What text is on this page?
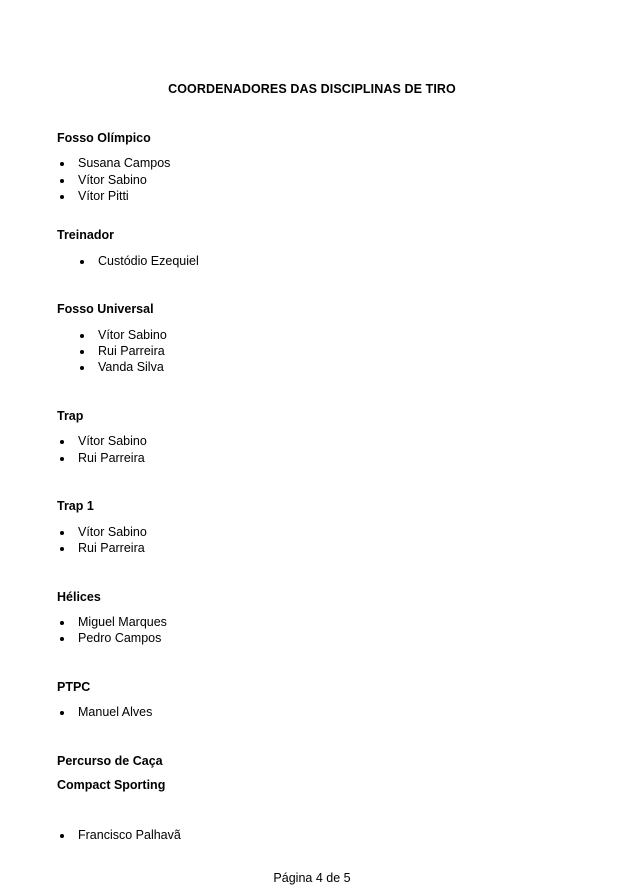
COORDENADORES DAS DISCIPLINAS DE TIRO
Fosso Olímpico
Susana Campos
Vítor Sabino
Vítor Pitti
Treinador
Custódio Ezequiel
Fosso Universal
Vítor Sabino
Rui Parreira
Vanda Silva
Trap
Vítor Sabino
Rui Parreira
Trap 1
Vítor Sabino
Rui Parreira
Hélices
Miguel Marques
Pedro Campos
PTPC
Manuel Alves
Percurso de Caça
Compact Sporting
Francisco Palhavã
Página 4 de 5
